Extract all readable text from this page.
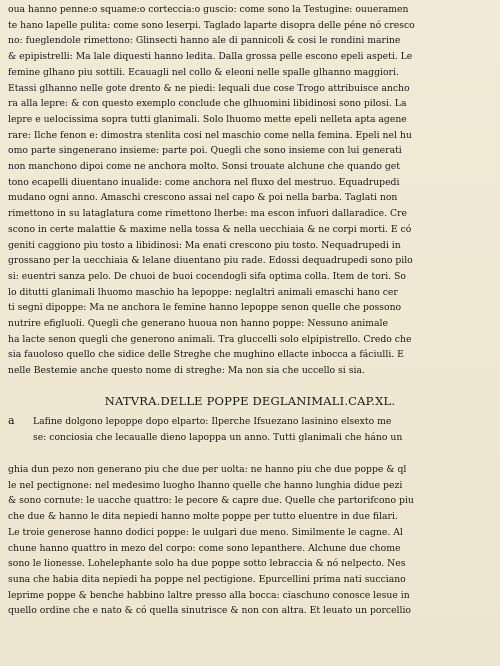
oua hanno penne:o squame:o corteccia:o guscio: come sono la Testugine: ouueramen
te hano lapelle pulita: come sono leserpi. Taglado laparte disopra delle péne nó cresco
no: fueglendole rimettono: Glinsecti hanno ale di pannicoli & cosi le rondini marine
& epipistrelli: Ma lale diquesti hanno ledita. Dalla grossa pelle escono epeli aspeti. Le
femine glhano piu sottili. Ecauagli nel collo & eleoni nelle spalle glhanno maggiori.
Etassi glhanno nelle gote drento & ne piedi: lequali due cose Trogo attribuisce ancho
ra alla lepre: & con questo exemplo conclude che glhuomini libidinosi sono pilosi. La
lepre e uelocissima sopra tutti glanimali. Solo lhuomo mette epeli nelleta apta agene
rare: Ilche fenon e: dimostra stenlita cosi nel maschio come nella femina. Epeli nel hu
omo parte singenerano insieme: parte poi. Quegli che sono insieme con lui generati
non manchono dipoi come ne anchora molto. Sonsi trouate alchune che quando get
tono ecapelli diuentano inualide: come anchora nel fluxo del mestruo. Equadrupedi
mudano ogni anno. Amaschi crescono assai nel capo & poi nella barba. Taglati non
rimettono in su lataglatura come rimettono lherbe: ma escon infuori dallaradice. Cre
scono in certe malattie & maxime nella tossa & nella uecchiaia & ne corpi morti. E có
geniti caggiono piu tosto a libidinosi: Ma enati crescono piu tosto. Nequadrupedi in
grossano per la uecchiaia & lelane diuentano piu rade. Edossi dequadrupedi sono pilo
si: euentri sanza pelo. De chuoi de buoi cocendogli sifa optima colla. Item de tori. So
lo ditutti glanimali lhuomo maschio ha lepoppe: neglaltri animali emaschi hano cer
ti segni dipoppe: Ma ne anchora le femine hanno lepoppe senon quelle che possono
nutrire efigluoli. Quegli che generano huoua non hanno poppe: Nessuno animale
ha lacte senon quegli che generono animali. Tra gluccelli solo elpipistrello. Credo che
sia fauoloso quello che sidice delle Streghe che mughino ellacte inbocca a fáciulli. E
nelle Bestemie anche questo nome di streghe: Ma non sia che uccello si sia.
NATVRA.DELLE POPPE DEGLANIMALI.CAP.XL.
a Lafine dolgono lepoppe dopo elparto: Ilperche Ifsuezano lasinino elsexto me
se: conciosia che lecaualle dieno lapoppa un anno. Tutti glanimali che háno un
ghia dun pezo non generano piu che due per uolta: ne hanno piu che due poppe & ql
le nel pectignone: nel medesimo luogho lhanno quelle che hanno lunghia didue pezi
& sono cornute: le uacche quattro: le pecore & capre due. Quelle che partorifcono piu
che due & hanno le dita nepiedi hanno molte poppe per tutto eluentre in due filari.
Le troie generose hanno dodici poppe: le uulgari due meno. Similmente le cagne. Al
chune hanno quattro in mezo del corpo: come sono lepanthere. Alchune due chome
sono le lionesse. Lohelephante solo ha due poppe sotto lebraccia & nó nelpecto. Nes
suna che habia dita nepiedi ha poppe nel pectigione. Epurcellini prima nati succiano
leprime poppe & benche habbino laltre presso alla bocca: ciaschuno conosce lesue in
quello ordine che e nato & có quella sinutrisce & non con altra. Et leuato un porcellio
